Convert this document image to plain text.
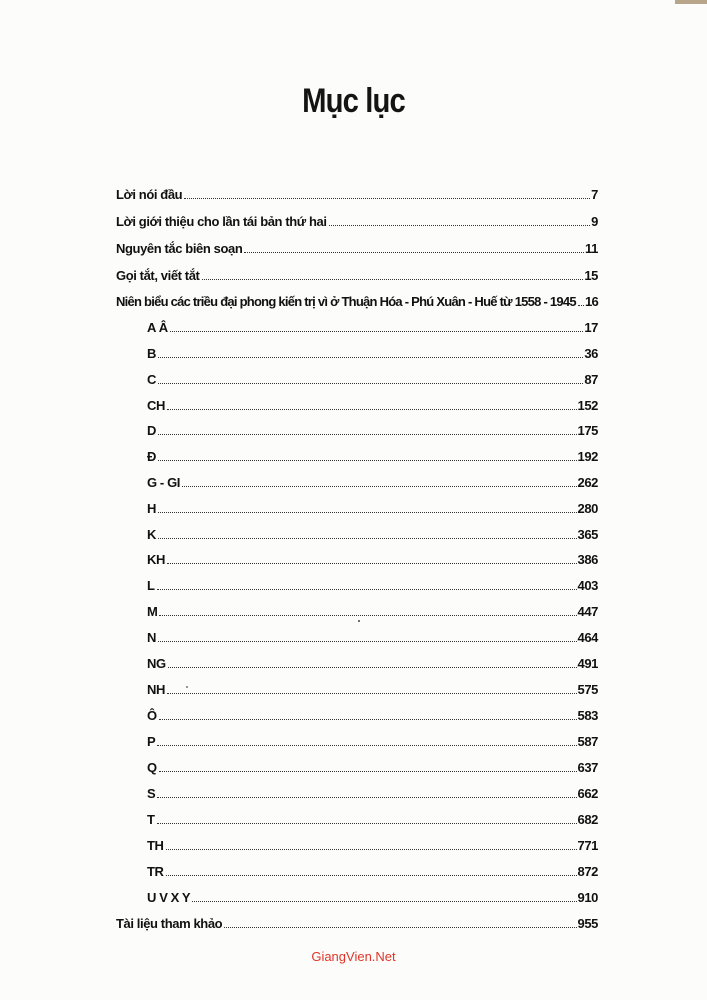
Mục lục
Lời nói đầu	7
Lời giới thiệu cho lần tái bản thứ hai	9
Nguyên tắc biên soạn	11
Gọi tắt, viết tắt	15
Niên biểu các triều đại phong kiến trị vì ở Thuận Hóa - Phú Xuân - Huế từ 1558 - 1945 16
A Â	17
B	36
C	87
CH	152
D	175
Đ	192
G - GI	262
H	280
K	365
KH	386
L	403
M	447
N	464
NG	491
NH	575
Ô	583
P	587
Q	637
S	662
T	682
TH	771
TR	872
U V X Y	910
Tài liệu tham khảo	955
GiangVien.Net
